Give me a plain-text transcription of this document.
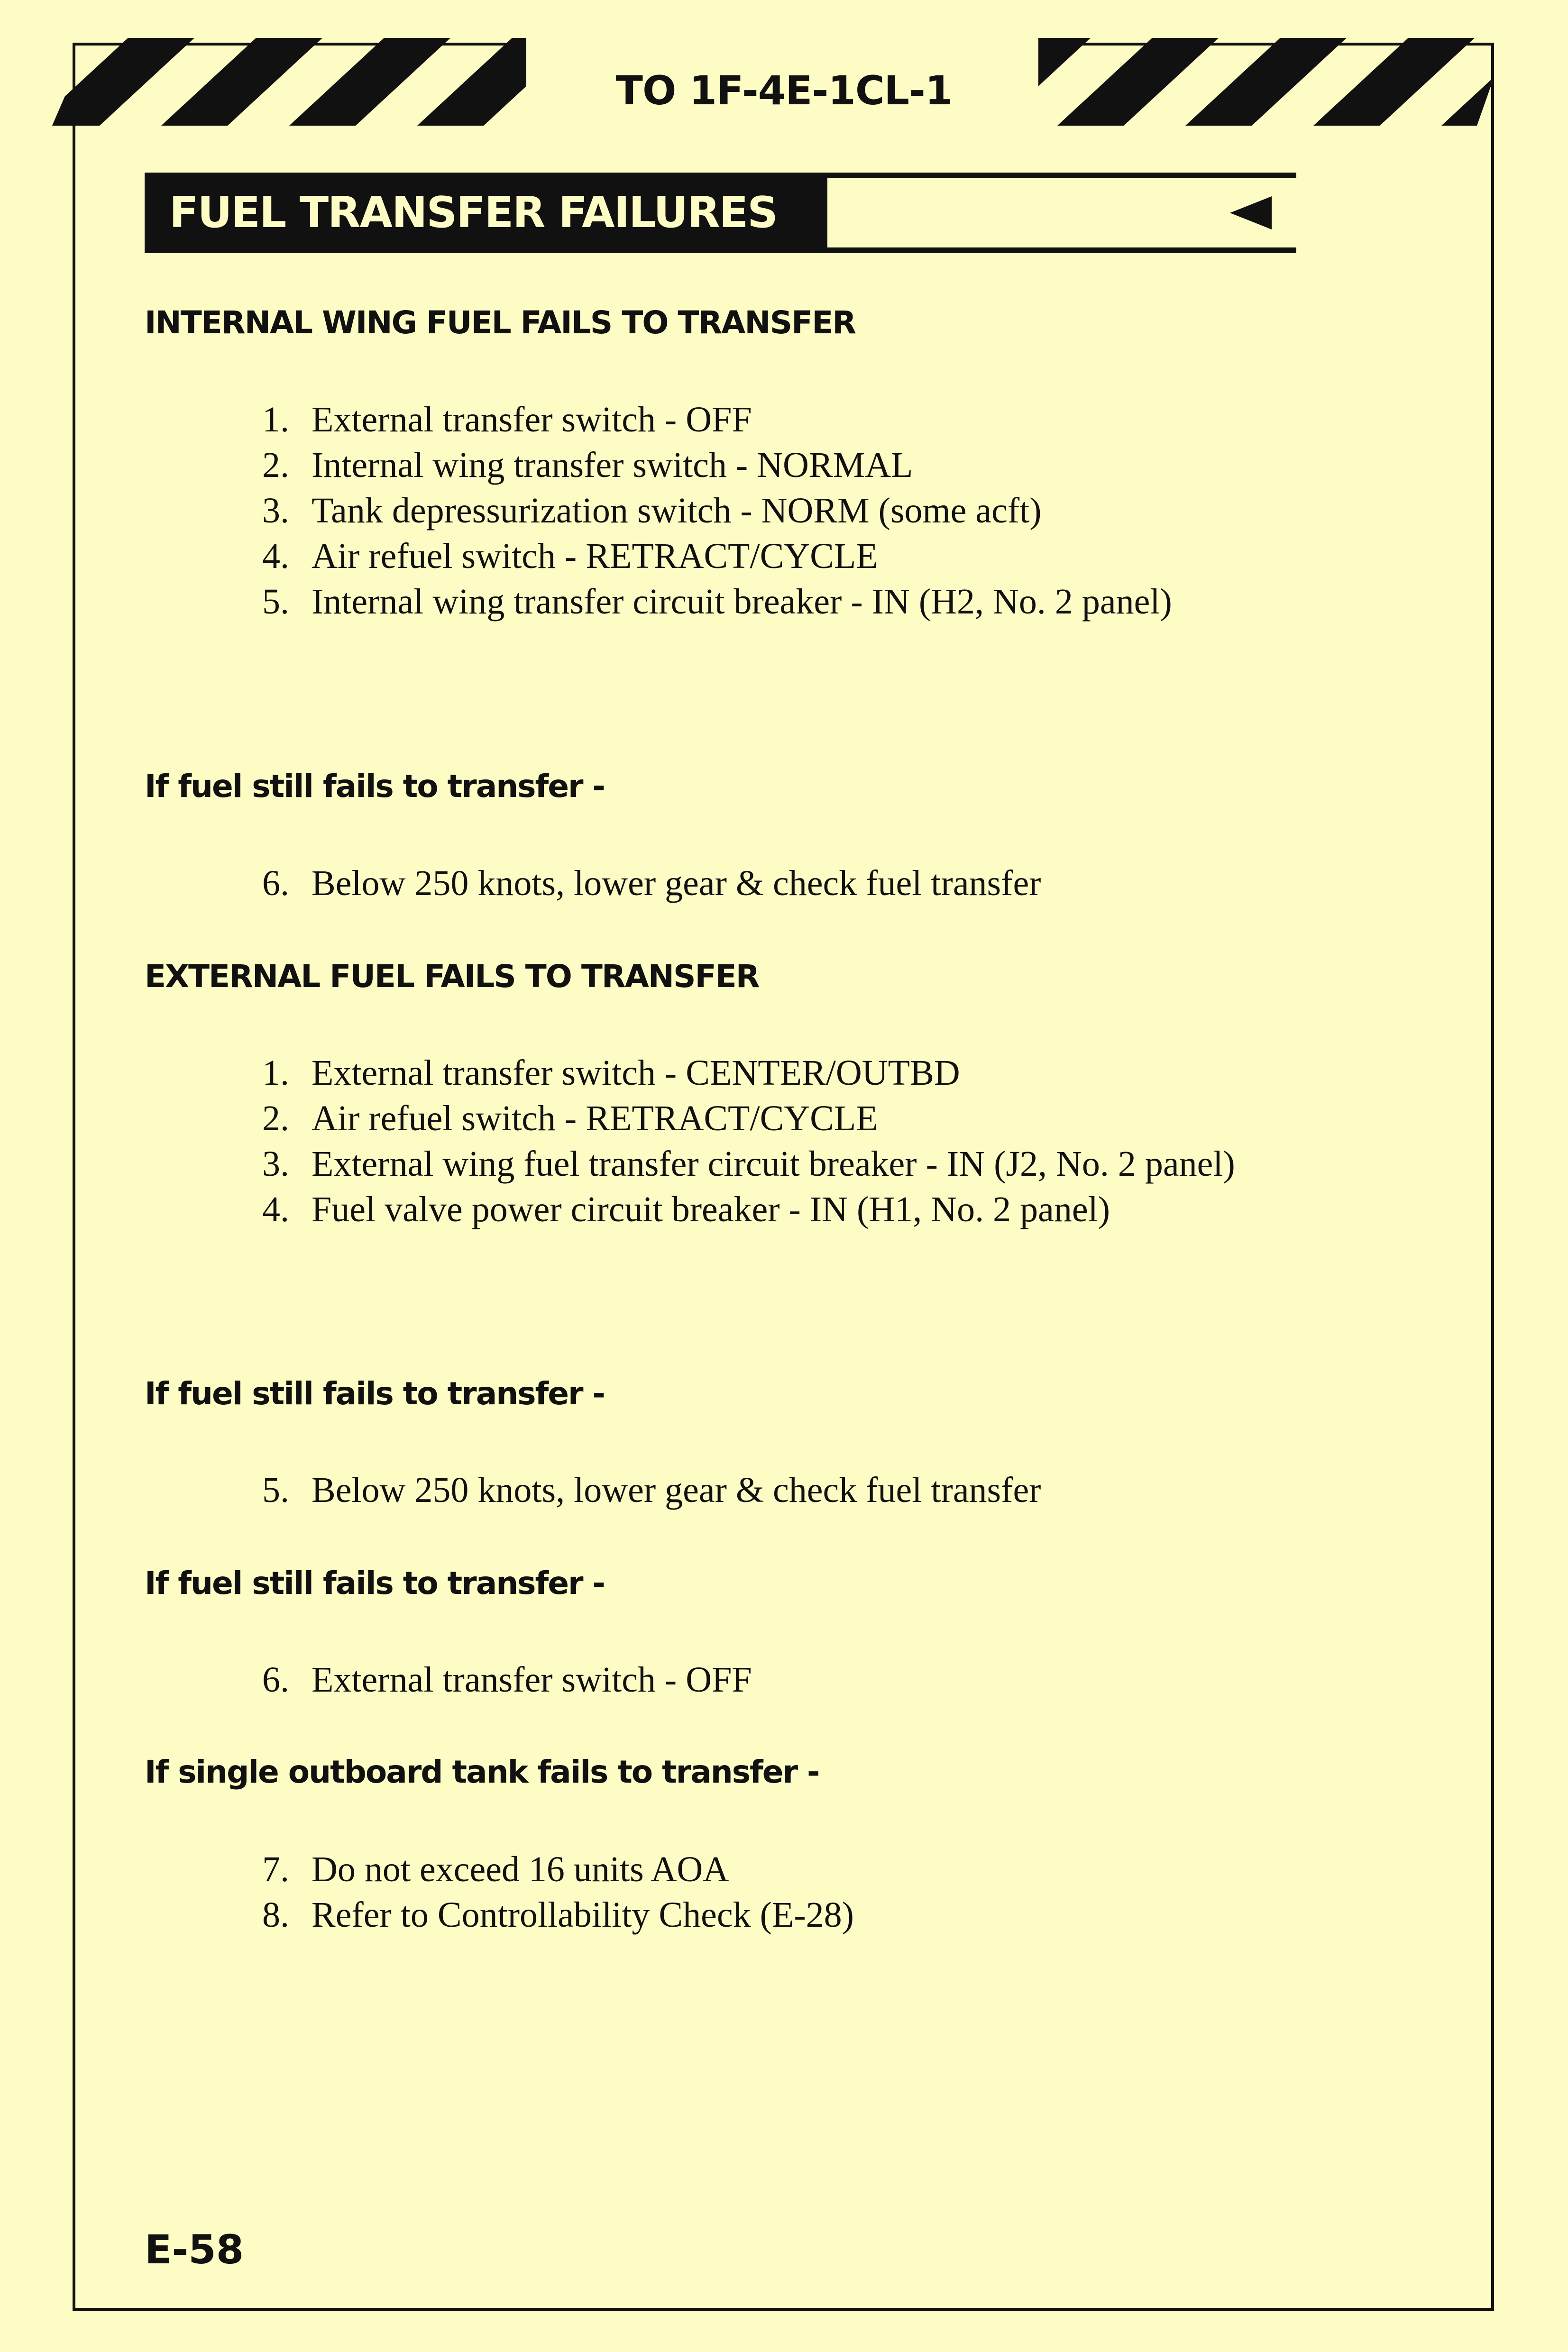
TO 1F-4E-1CL-1
FUEL TRANSFER FAILURES
INTERNAL WING FUEL FAILS TO TRANSFER
1. External transfer switch - OFF
2. Internal wing transfer switch - NORMAL
3. Tank depressurization switch - NORM (some acft)
4. Air refuel switch - RETRACT/CYCLE
5. Internal wing transfer circuit breaker - IN (H2, No. 2 panel)
If fuel still fails to transfer -
6. Below 250 knots, lower gear & check fuel transfer
EXTERNAL FUEL FAILS TO TRANSFER
1. External transfer switch - CENTER/OUTBD
2. Air refuel switch - RETRACT/CYCLE
3. External wing fuel transfer circuit breaker - IN (J2, No. 2 panel)
4. Fuel valve power circuit breaker - IN (H1, No. 2 panel)
If fuel still fails to transfer -
5. Below 250 knots, lower gear & check fuel transfer
If fuel still fails to transfer -
6. External transfer switch - OFF
If single outboard tank fails to transfer -
7. Do not exceed 16 units AOA
8. Refer to Controllability Check (E-28)
E-58
